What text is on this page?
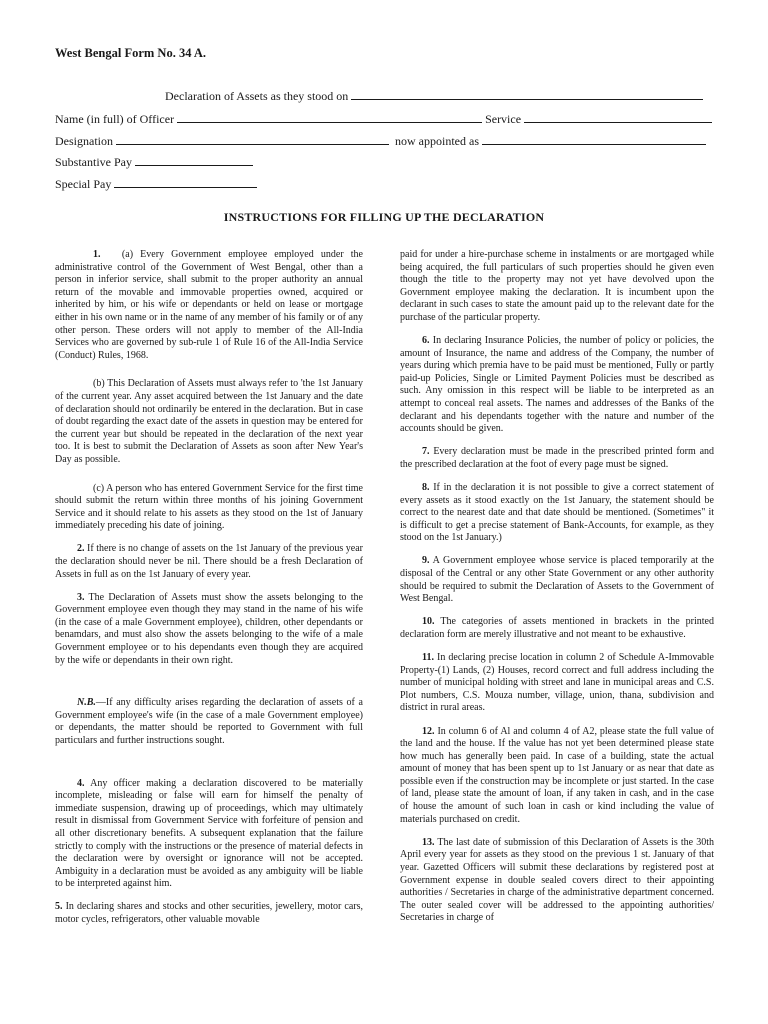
West Bengal Form No. 34 A.
Declaration of Assets as they stood on

Name (in full) of Officer

	Service

Designation

	now appointed as

Substantive Pay

Special Pay

INSTRUCTIONS FOR FILLING UP THE DECLARATION

1. (a) Every Government employee employed under the administrative control of the Government of West Bengal, other than a person in inferior service, shall submit to the proper authority an annual return of the movable and immovable properties owned, acquired or inherited by him, or his wife or dependants or held on lease or mortgage either in his own name or in the name of any member of his family or of any other person. These orders will not apply to member of the All-India Services who are governed by sub-rule 1 of Rule 16 of the All-India Service (Conduct) Rules, 1968.

(b) This Declaration of Assets must always refer to 'the 1st January of the current year. Any asset acquired between the 1st January and the date of declaration should not ordinarily be entered in the declaration. But in case of doubt regarding the exact date of the assets in question may be entered for the current year but should be repeated in the declaration of the next year too. It is best to submit the Declaration of Assets as soon after New Year's Day as possible.

(c) A person who has entered Government Service for the first time should submit the return within three months of his joining Government Service and it should relate to his assets as they stood on the 1st of January immediately preceding his date of joining.

2. If there is no change of assets on the 1st January of the previous year the declaration should never be nil. There should be a fresh Declaration of Assets in full as on the 1st January of every year.

3. The Declaration of Assets must show the assets belonging to the Government employee even though they may stand in the name of his wife (in the case of a male Government employee), children, other dependants or benamdars, and must also show the assets belonging to the wife of a male Government employee or to his dependants even though they are acquired by the wife or dependants in their own right.

N.B.—If any difficulty arises regarding the declaration of assets of a Government employee's wife (in the case of a male Government employee) or dependants, the matter should be reported to Government with full particulars and further instructions sought.

4. Any officer making a declaration discovered to be materially incomplete, misleading or false will earn for himself the penalty of immediate suspension, drawing up of proceedings, which may ultimately result in dismissal from Government Service with forfeiture of pension and all other discretionary benefits. A subsequent explanation that the failure strictly to comply with the instructions or the presence of material defects in the declaration were by oversight or ignorance will not be accepted. Ambiguity in a declaration must be avoided as any ambiguity will be liable to be interpreted against him.

5. In declaring shares and stocks and other securities, jewellery, motor cars, motor cycles, refrigerators, other valuable movable

paid for under a hire-purchase scheme in instalments or are mortgaged while being acquired, the full particulars of such properties should he given even though the title to the property may not yet have devolved upon the Government employee making the declaration. It is incumbent upon the declarant in such cases to state the amount paid up to the relevant date for the purchase of the particular property.

6. In declaring Insurance Policies, the number of policy or policies, the amount of Insurance, the name and address of the Company, the number of years during which premia have to be paid must be mentioned, Fully or partly paid-up Policies, Single or Limited Payment Policies must be described as such. Any omission in this respect will be liable to be interpreted as an attempt to conceal real assets. The names and addresses of the Banks of the declarant and his dependants together with the nature and number of the accounts should be given.

7. Every declaration must be made in the prescribed printed form and the prescribed declaration at the foot of every page must be signed.

8. If in the declaration it is not possible to give a correct statement of every assets as it stood exactly on the 1st January, the statement should be correct to the nearest date and that date should be mentioned. (Sometimes" it is difficult to get a precise statement of Bank-Accounts, for example, as they stood on the 1st January.)

9. A Government employee whose service is placed temporarily at the disposal of the Central or any other State Government or any other authority should be required to submit the Declaration of Assets to the Government of West Bengal.

10. The categories of assets mentioned in brackets in the printed declaration form are merely illustrative and not meant to be exhaustive.

11. In declaring precise location in column 2 of Schedule A-Immovable Property-(1) Lands, (2) Houses, record correct and full address including the number of municipal holding with street and lane in municipal areas and C.S. Plot numbers, C.S. Mouza number, village, union, thana, subdivision and district in rural areas.

12. In column 6 of Al and column 4 of A2, please state the full value of the land and the house. If the value has not yet been determined please state how much has generally been paid. In case of a building, state the actual amount of money that has been spent up to 1st January or as near that date as possible even if the construction may be incomplete or just started. In the case of land, please state the amount of loan, if any taken in cash, and in the case of house the amount of such loan in cash or kind including the value of materials purchased on credit.

13. The last date of submission of this Declaration of Assets is the 30th April every year for assets as they stood on the previous 1 st. January of that year. Gazetted Officers will submit these declarations by registered post at Government expense in double sealed covers direct to their appointing authorities / Secretaries in charge of the administrative department concerned. The outer sealed cover will be addressed to the appointing authorities/ Secretaries in charge of
